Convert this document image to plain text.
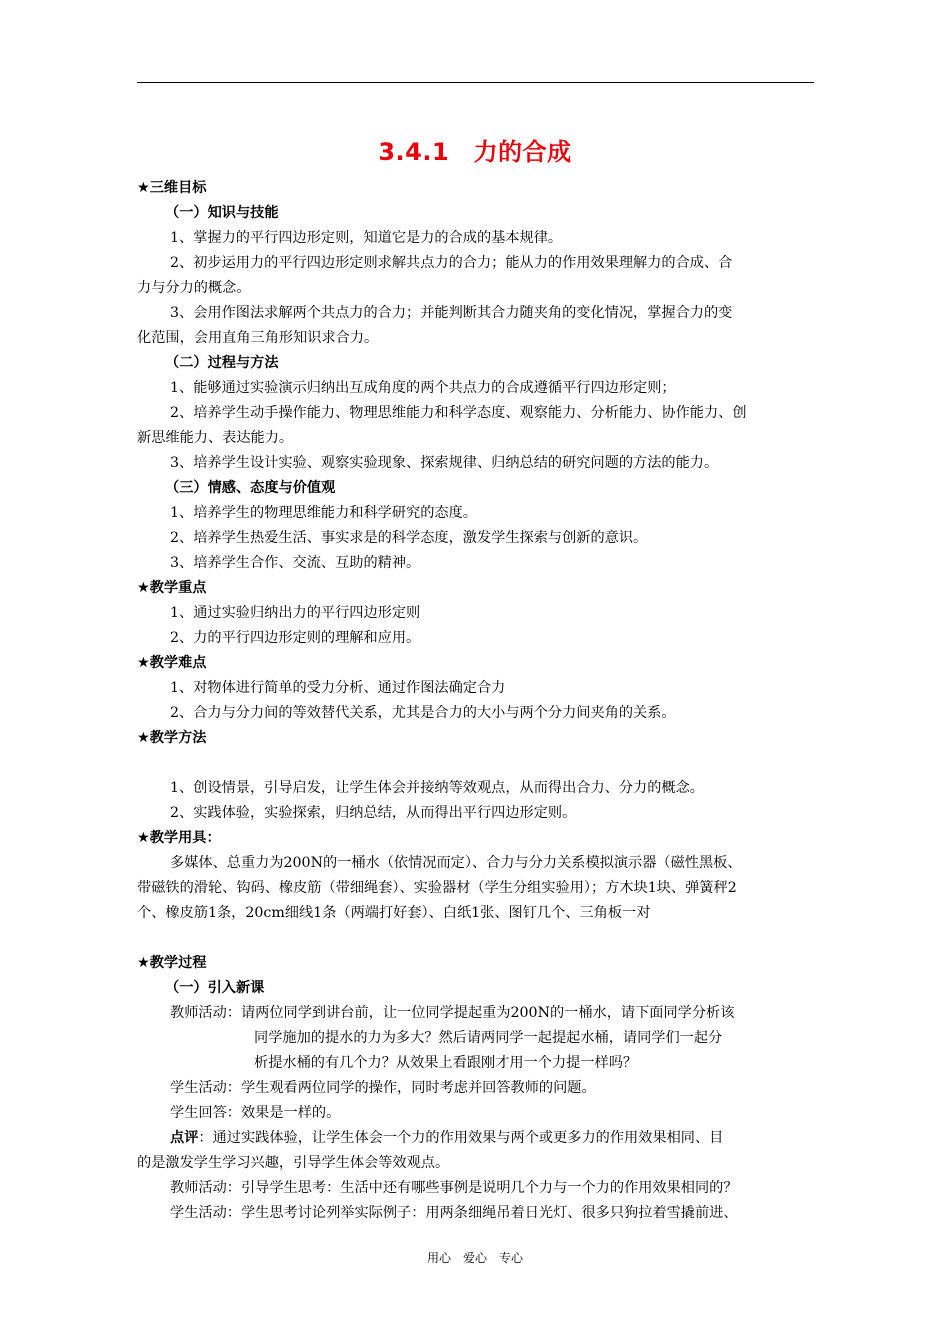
3.4.1　力的合成
★三维目标
（一）知识与技能
1、掌握力的平行四边形定则，知道它是力的合成的基本规律。
2、初步运用力的平行四边形定则求解共点力的合力；能从力的作用效果理解力的合成、合
力与分力的概念。
3、会用作图法求解两个共点力的合力；并能判断其合力随夹角的变化情况，掌握合力的变
化范围，会用直角三角形知识求合力。
（二）过程与方法
1、能够通过实验演示归纳出互成角度的两个共点力的合成遵循平行四边形定则；
2、培养学生动手操作能力、物理思维能力和科学态度、观察能力、分析能力、协作能力、创
新思维能力、表达能力。
3、培养学生设计实验、观察实验现象、探索规律、归纳总结的研究问题的方法的能力。
（三）情感、态度与价值观
1、培养学生的物理思维能力和科学研究的态度。
2、培养学生热爱生活、事实求是的科学态度，激发学生探索与创新的意识。
3、培养学生合作、交流、互助的精神。
★教学重点
1、通过实验归纳出力的平行四边形定则
2、力的平行四边形定则的理解和应用。
★教学难点
1、对物体进行简单的受力分析、通过作图法确定合力
2、合力与分力间的等效替代关系，尤其是合力的大小与两个分力间夹角的关系。
★教学方法
1、创设情景，引导启发，让学生体会并接纳等效观点，从而得出合力、分力的概念。
2、实践体验，实验探索，归纳总结，从而得出平行四边形定则。
★教学用具：
多媒体、总重力为200N的一桶水（依情况而定）、合力与分力关系模拟演示器（磁性黑板、
带磁铁的滑轮、钩码、橡皮筋（带细绳套）、实验器材（学生分组实验用）；方木块1块、弹簧秤2
个、橡皮筋1条，20cm细线1条（两端打好套）、白纸1张、图钉几个、三角板一对
★教学过程
（一）引入新课
教师活动：请两位同学到讲台前，让一位同学提起重为200N的一桶水，请下面同学分析该
同学施加的提水的力为多大？然后请两同学一起提起水桶，请同学们一起分
析提水桶的有几个力？从效果上看跟刚才用一个力提一样吗？
学生活动：学生观看两位同学的操作，同时考虑并回答教师的问题。
学生回答：效果是一样的。
点评：通过实践体验，让学生体会一个力的作用效果与两个或更多力的作用效果相同、目
的是激发学生学习兴趣，引导学生体会等效观点。
教师活动：引导学生思考：生活中还有哪些事例是说明几个力与一个力的作用效果相同的？
学生活动：学生思考讨论列举实际例子：用两条细绳吊着日光灯、很多只狗拉着雪撬前进、
用心　爱心　专心
